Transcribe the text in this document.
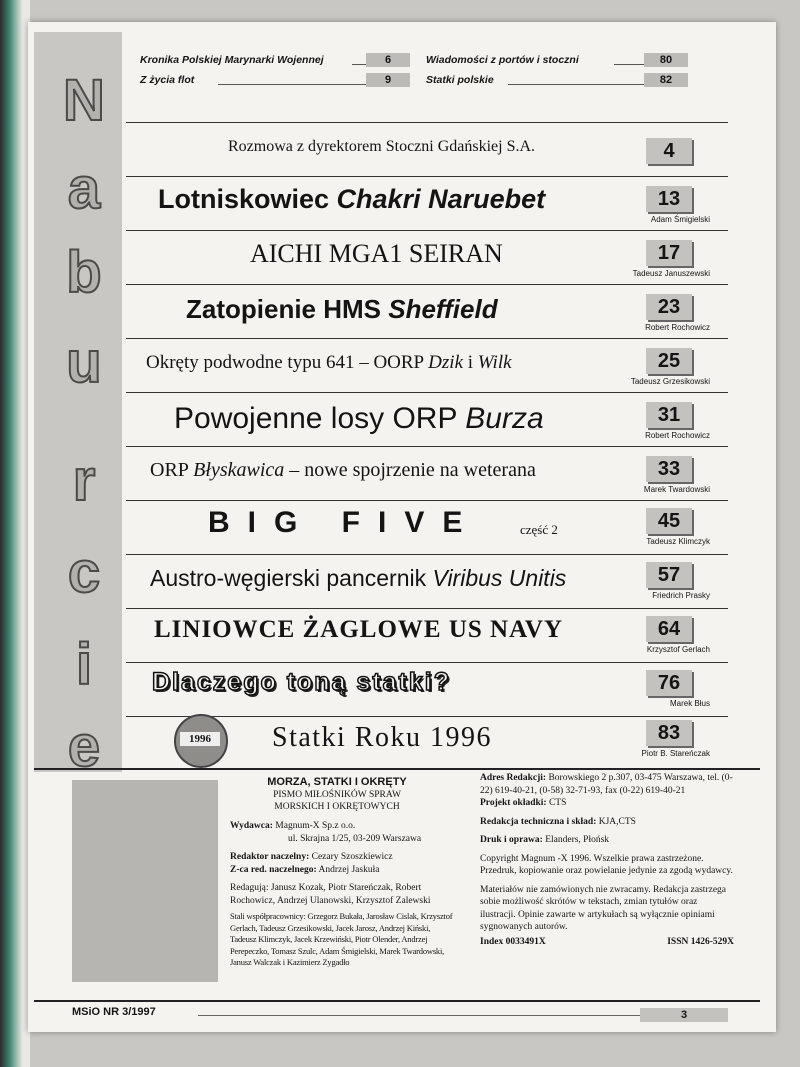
N
a
b
u
r
c
i
e
Kronika Polskiej Marynarki Wojennej	6
Z życia flot	9
Wiadomości z portów i stoczni	80
Statki polskie	82
Rozmowa z dyrektorem Stoczni Gdańskiej S.A.	4
Lotniskowiec Chakri Naruebet	13
Adam Śmigielski
AICHI MGA1 SEIRAN	17
Tadeusz Januszewski
Zatopienie HMS Sheffield	23
Robert Rochowicz
Okręty podwodne typu 641 – OORP Dzik i Wilk	25
Tadeusz Grzesikowski
Powojenne losy ORP Burza	31
Robert Rochowicz
ORP Błyskawica – nowe spojrzenie na weterana	33
Marek Twardowski
BIG FIVE	część 2	45
Tadeusz Klimczyk
Austro-węgierski pancernik Viribus Unitis	57
Friedrich Prasky
LINIOWCE ŻAGLOWE US NAVY	64
Krzysztof Gerlach
Dlaczego toną statki?	76
Marek Błus
1996	Statki Roku 1996	83
Piotr B. Stareńczak
MORZA, STATKI I OKRĘTY
PISMO MIŁOŚNIKÓW SPRAW
MORSKICH I OKRĘTOWYCH
Wydawca: Magnum-X Sp.z o.o.
ul. Skrajna 1/25, 03-209 Warszawa
Redaktor naczelny: Cezary Szoszkiewicz
Z-ca red. naczelnego: Andrzej Jaskuła
Redagują: Janusz Kozak, Piotr Stareńczak, Robert Rochowicz, Andrzej Ulanowski, Krzysztof Zalewski
Stali współpracownicy: Grzegorz Bukała, Jarosław Cislak, Krzysztof Gerlach, Tadeusz Grzesikowski, Jacek Jarosz, Andrzej Kiński, Tadeusz Klimczyk, Jacek Krzewiński, Piotr Olender, Andrzej Perepeczko, Tomasz Szulc, Adam Śmigielski, Marek Twardowski, Janusz Walczak i Kazimierz Zygadło
Adres Redakcji: Borowskiego 2 p.307, 03-475 Warszawa, tel. (0-22) 619-40-21, (0-58) 32-71-93, fax (0-22) 619-40-21
Projekt okładki: CTS
Redakcja techniczna i skład: KJA,CTS
Druk i oprawa: Elanders, Płońsk
Copyright Magnum -X 1996. Wszelkie prawa zastrzeżone. Przedruk, kopiowanie oraz powielanie jedynie za zgodą wydawcy.
Materiałów nie zamówionych nie zwracamy. Redakcja zastrzega sobie możliwość skrótów w tekstach, zmian tytułów oraz ilustracji. Opinie zawarte w artykułach są wyłącznie opiniami sygnowanych autorów.
Index 0033491X	ISSN 1426-529X
MSiO NR 3/1997	3
